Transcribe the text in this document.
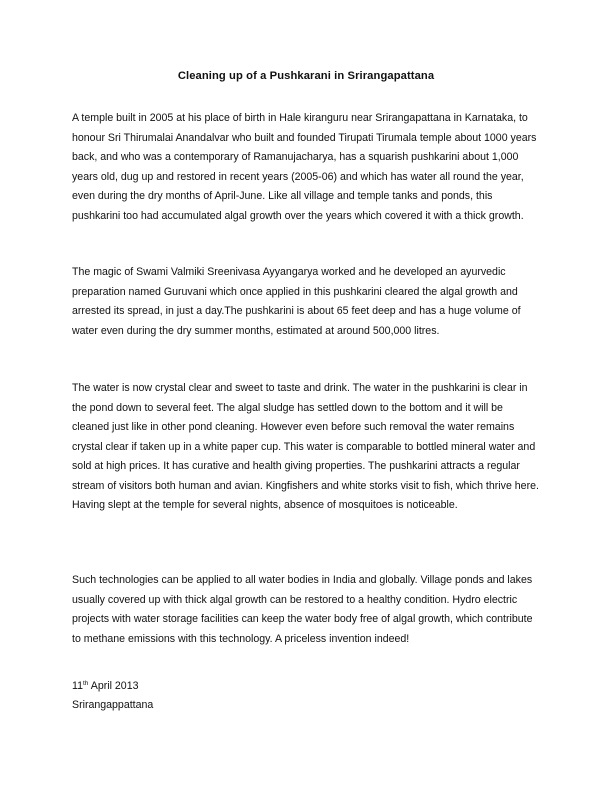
Cleaning up of a Pushkarani in Srirangapattana

A temple built in 2005 at his place of birth in Hale kiranguru near Srirangapattana in Karnataka, to honour Sri Thirumalai Anandalvar who built and founded Tirupati Tirumala temple about 1000 years back, and who was a contemporary of Ramanujacharya, has a squarish pushkarini about 1,000 years old, dug up and restored in recent years (2005-06) and which has water all round the year, even during the dry months of April-June. Like all village and temple tanks and ponds, this pushkarini too had accumulated algal growth over the years which covered it with a thick growth.

The magic of Swami Valmiki Sreenivasa Ayyangarya worked and he developed an ayurvedic preparation named Guruvani which once applied in this pushkarini cleared the algal growth and arrested its spread, in just a day.The pushkarini is about 65 feet deep and has a huge volume of water even during the dry summer months, estimated at around 500,000 litres.

The water is now crystal clear and sweet to taste and drink. The water in the pushkarini is clear in the pond down to several feet. The algal sludge has settled down to the bottom and it will be cleaned just like in other pond cleaning. However even before such removal the water remains crystal clear if taken up in a white paper cup. This water is comparable to bottled mineral water and sold at high prices. It has curative and health giving properties. The pushkarini attracts a regular stream of visitors both human and avian. Kingfishers and white storks visit to fish, which thrive here. Having slept at the temple for several nights, absence of mosquitoes is noticeable.

Such technologies can be applied to all water bodies in India and globally. Village ponds and lakes usually covered up with thick algal growth can be restored to a healthy condition. Hydro electric projects with water storage facilities can keep the water body free of algal growth, which contribute to methane emissions with this technology. A priceless invention indeed!

11th April 2013
Srirangappattana
